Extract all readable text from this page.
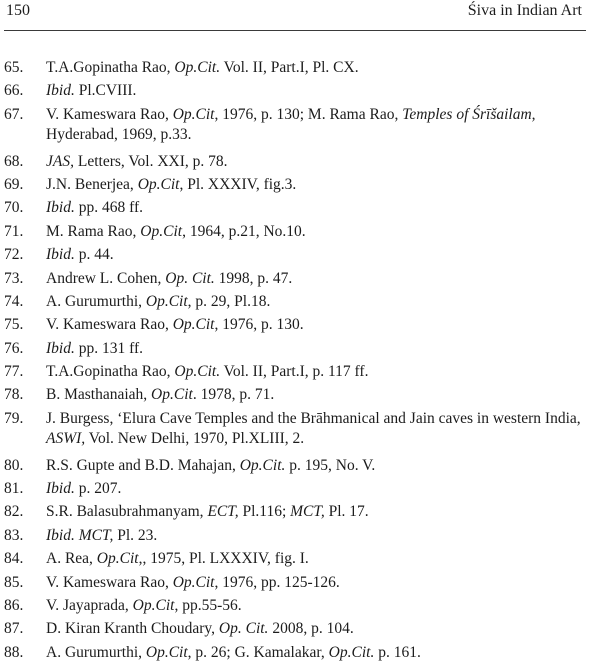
150	Śiva in Indian Art
65.	T.A.Gopinatha Rao, Op.Cit. Vol. II, Part.I, Pl. CX.
66.	Ibid. Pl.CVIII.
67.	V. Kameswara Rao, Op.Cit, 1976, p. 130; M. Rama Rao, Temples of Śrīšailam,
Hyderabad, 1969, p.33.
68.	JAS, Letters, Vol. XXI, p. 78.
69.	J.N. Benerjea, Op.Cit, Pl. XXXIV, fig.3.
70.	Ibid. pp. 468 ff.
71.	M. Rama Rao, Op.Cit, 1964, p.21, No.10.
72.	Ibid. p. 44.
73.	Andrew L. Cohen, Op. Cit. 1998, p. 47.
74.	A. Gurumurthi, Op.Cit, p. 29, Pl.18.
75.	V. Kameswara Rao, Op.Cit, 1976, p. 130.
76.	Ibid. pp. 131 ff.
77.	T.A.Gopinatha Rao, Op.Cit. Vol. II, Part.I, p. 117 ff.
78.	B. Masthanaiah, Op.Cit. 1978, p. 71.
79.	J. Burgess, ‘Elura Cave Temples and the Brāhmanical and Jain caves in western India,
ASWI, Vol. New Delhi, 1970, Pl.XLIII, 2.
80.	R.S. Gupte and B.D. Mahajan, Op.Cit. p. 195, No. V.
81.	Ibid. p. 207.
82.	S.R. Balasubrahmanyam, ECT, Pl.116; MCT, Pl. 17.
83.	Ibid. MCT, Pl. 23.
84.	A. Rea, Op.Cit,, 1975, Pl. LXXXIV, fig. I.
85.	V. Kameswara Rao, Op.Cit, 1976, pp. 125-126.
86.	V. Jayaprada, Op.Cit, pp.55-56.
87.	D. Kiran Kranth Choudary, Op. Cit. 2008, p. 104.
88.	A. Gurumurthi, Op.Cit, p. 26; G. Kamalakar, Op.Cit. p. 161.
